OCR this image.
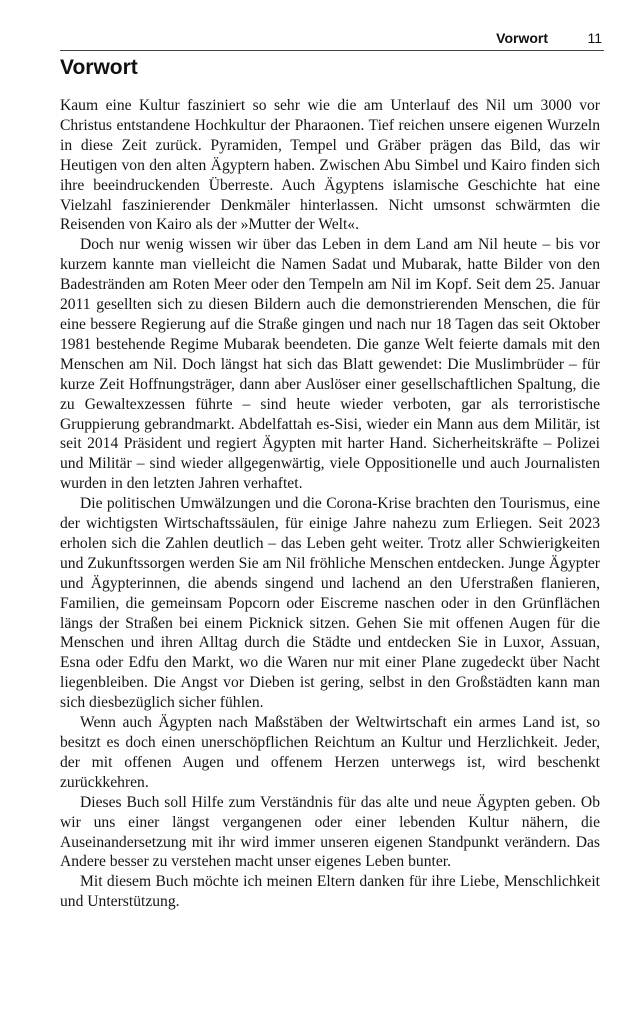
Vorwort	11
Vorwort

Kaum eine Kultur fasziniert so sehr wie die am Unterlauf des Nil um 3000 vor Christus entstandene Hochkultur der Pharaonen. Tief reichen unsere eigenen Wurzeln in diese Zeit zurück. Pyramiden, Tempel und Gräber prägen das Bild, das wir Heutigen von den alten Ägyptern haben. Zwischen Abu Simbel und Kairo finden sich ihre beeindruckenden Überreste. Auch Ägyptens islamische Geschichte hat eine Vielzahl faszinierender Denkmäler hinterlassen. Nicht umsonst schwärmten die Reisenden von Kairo als der »Mutter der Welt«.

Doch nur wenig wissen wir über das Leben in dem Land am Nil heute – bis vor kurzem kannte man vielleicht die Namen Sadat und Mubarak, hatte Bilder von den Badestränden am Roten Meer oder den Tempeln am Nil im Kopf. Seit dem 25. Januar 2011 gesellten sich zu diesen Bildern auch die demonstrierenden Menschen, die für eine bessere Regierung auf die Straße gingen und nach nur 18 Tagen das seit Oktober 1981 bestehende Regime Mubarak beendeten. Die ganze Welt feierte damals mit den Menschen am Nil. Doch längst hat sich das Blatt gewendet: Die Muslimbrüder – für kurze Zeit Hoffnungsträger, dann aber Auslöser einer gesellschaftlichen Spaltung, die zu Gewaltexzessen führte – sind heute wieder verboten, gar als terroristische Gruppierung gebrandmarkt. Abdelfattah es-Sisi, wieder ein Mann aus dem Militär, ist seit 2014 Präsident und regiert Ägypten mit harter Hand. Sicherheitskräfte – Polizei und Militär – sind wieder allgegenwärtig, viele Oppositionelle und auch Journalisten wurden in den letzten Jahren verhaftet.

Die politischen Umwälzungen und die Corona-Krise brachten den Tourismus, eine der wichtigsten Wirtschaftssäulen, für einige Jahre nahezu zum Erliegen. Seit 2023 erholen sich die Zahlen deutlich – das Leben geht weiter. Trotz aller Schwierigkeiten und Zukunftssorgen werden Sie am Nil fröhliche Menschen entdecken. Junge Ägypter und Ägypterinnen, die abends singend und lachend an den Uferstraßen flanieren, Familien, die gemeinsam Popcorn oder Eiscreme naschen oder in den Grünflächen längs der Straßen bei einem Picknick sitzen. Gehen Sie mit offenen Augen für die Menschen und ihren Alltag durch die Städte und entdecken Sie in Luxor, Assuan, Esna oder Edfu den Markt, wo die Waren nur mit einer Plane zugedeckt über Nacht liegenbleiben. Die Angst vor Dieben ist gering, selbst in den Großstädten kann man sich diesbezüglich sicher fühlen.

Wenn auch Ägypten nach Maßstäben der Weltwirtschaft ein armes Land ist, so besitzt es doch einen unerschöpflichen Reichtum an Kultur und Herzlichkeit. Jeder, der mit offenen Augen und offenem Herzen unterwegs ist, wird beschenkt zurückkehren.

Dieses Buch soll Hilfe zum Verständnis für das alte und neue Ägypten geben. Ob wir uns einer längst vergangenen oder einer lebenden Kultur nähern, die Auseinandersetzung mit ihr wird immer unseren eigenen Standpunkt verändern. Das Andere besser zu verstehen macht unser eigenes Leben bunter.

Mit diesem Buch möchte ich meinen Eltern danken für ihre Liebe, Menschlichkeit und Unterstützung.
